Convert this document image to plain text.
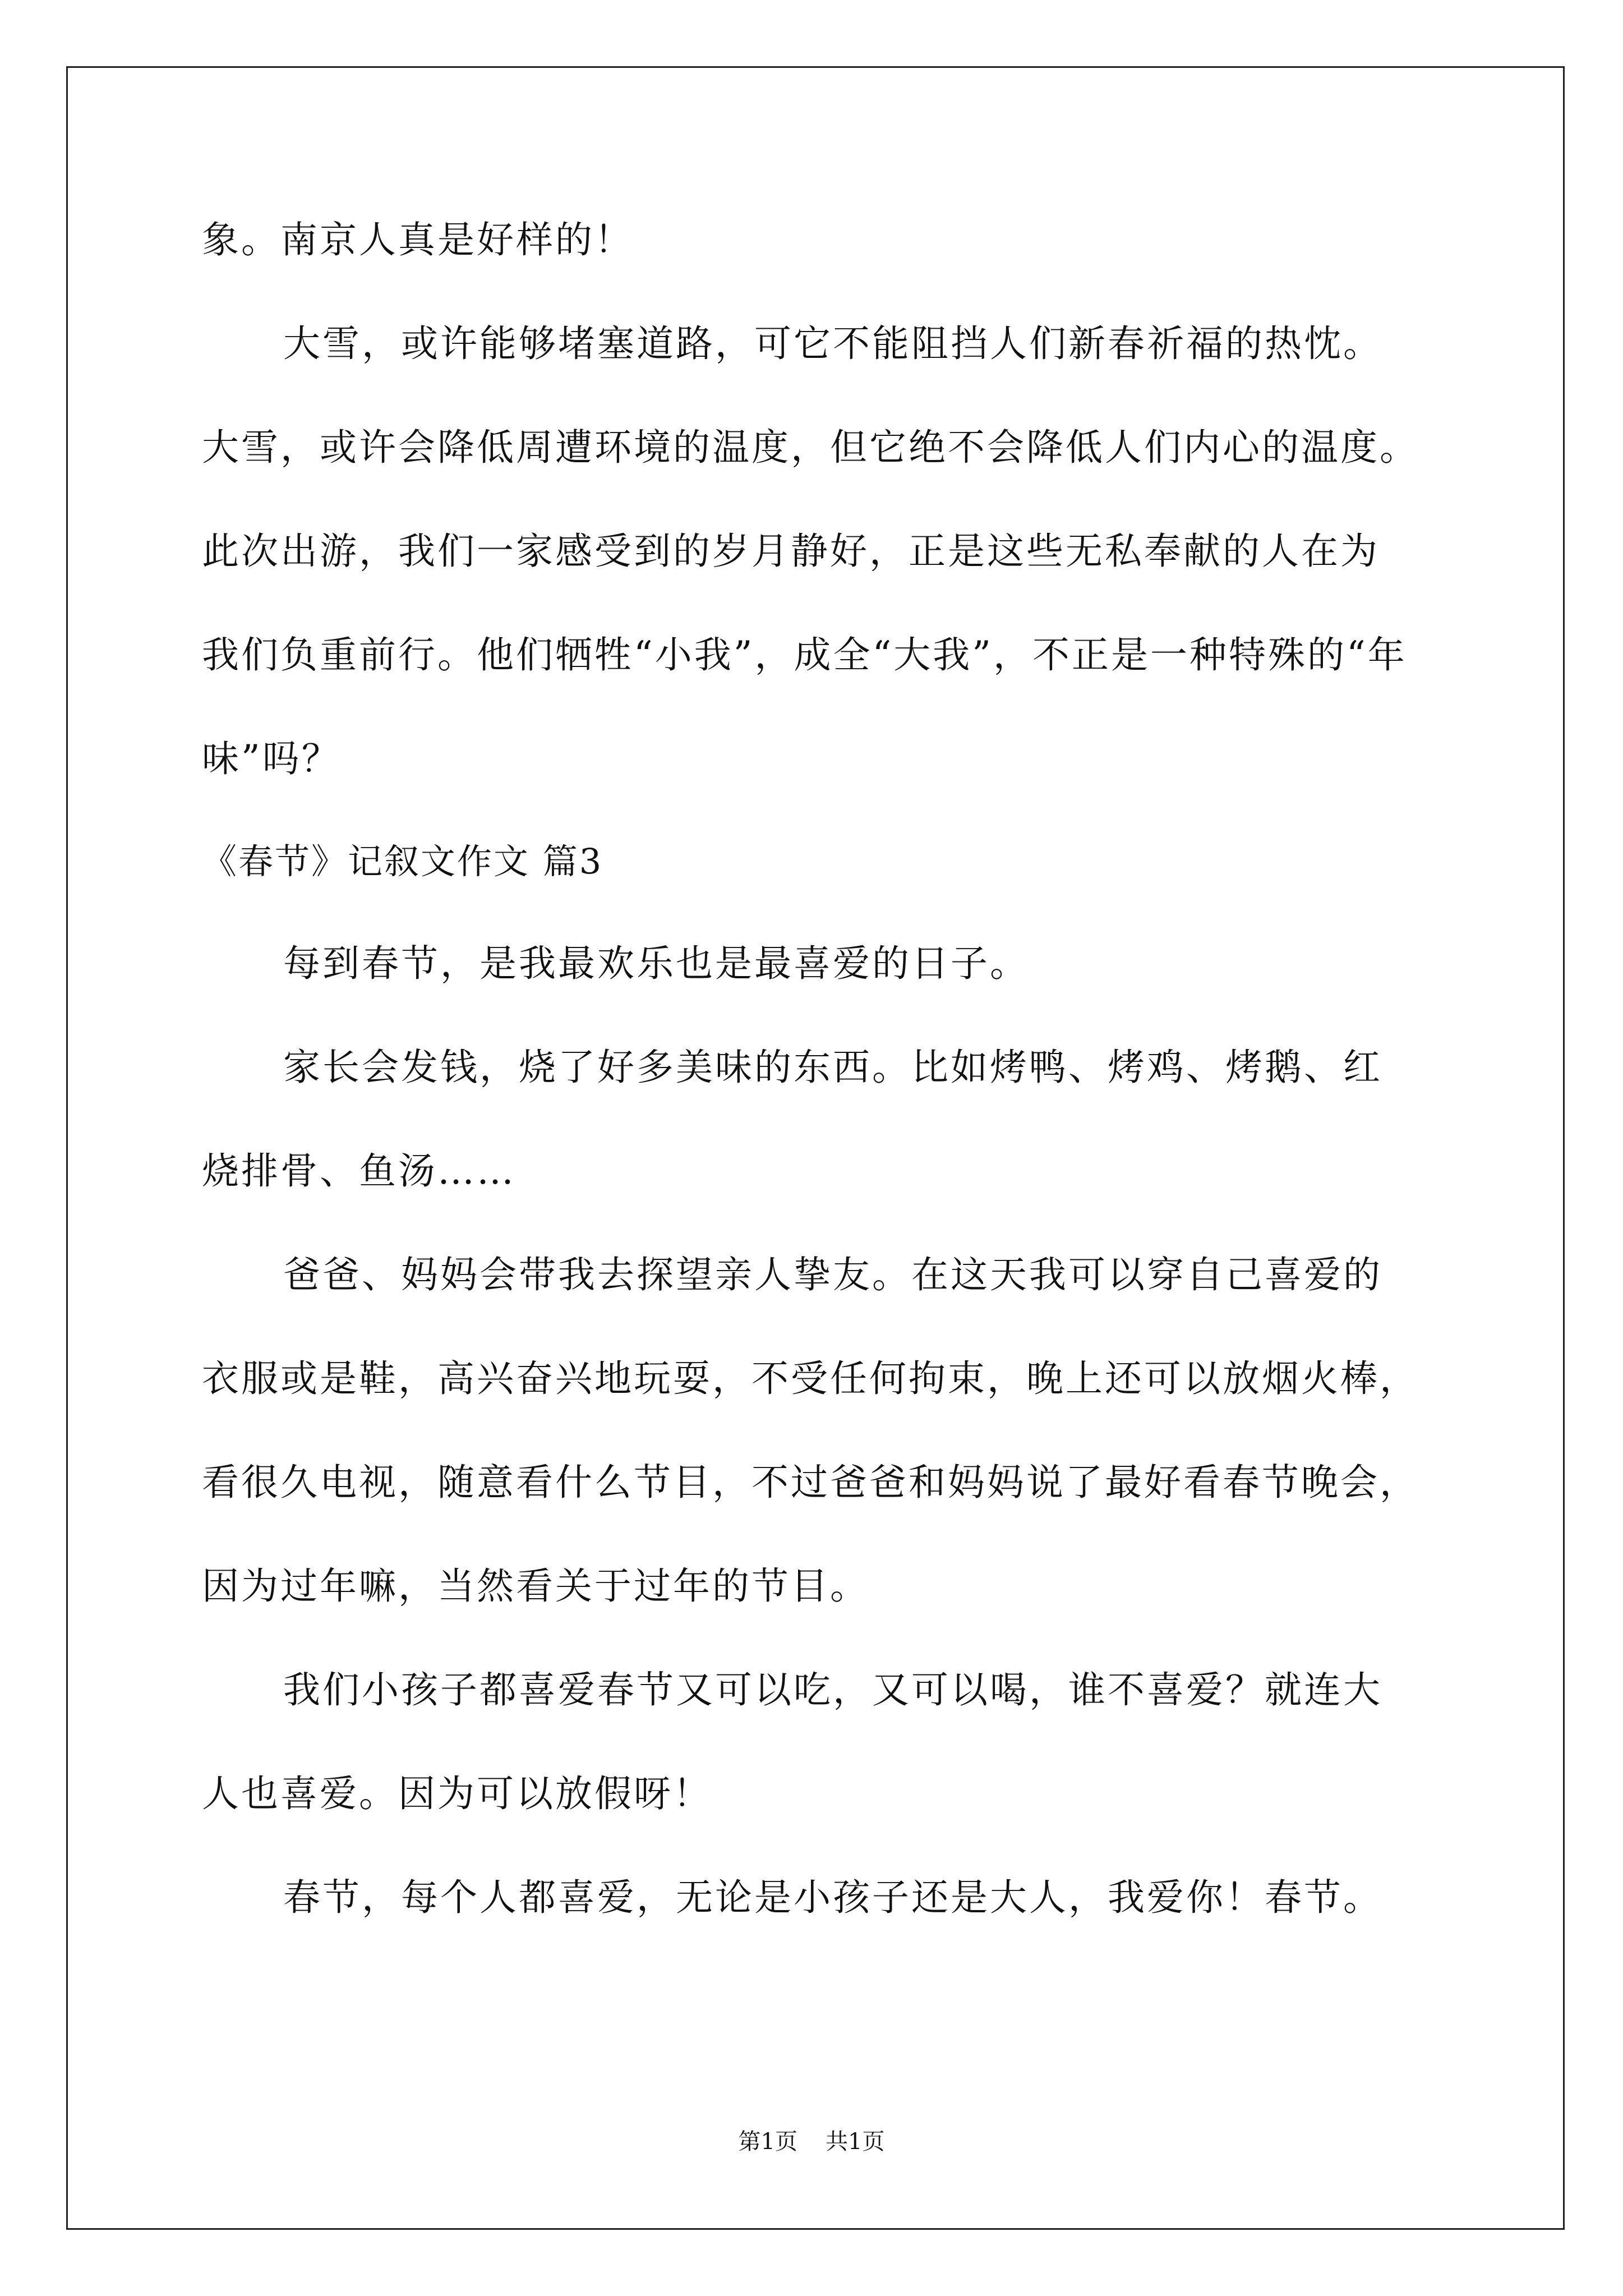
象。南京人真是好样的！
大雪，或许能够堵塞道路，可它不能阻挡人们新春祈福的热忱。
大雪，或许会降低周遭环境的温度，但它绝不会降低人们内心的温度。
此次出游，我们一家感受到的岁月静好，正是这些无私奉献的人在为
我们负重前行。他们牺牲“小我”，成全“大我”，不正是一种特殊的“年
味”吗？
《春节》记叙文作文 篇3
每到春节，是我最欢乐也是最喜爱的日子。
家长会发钱，烧了好多美味的东西。比如烤鸭、烤鸡、烤鹅、红
烧排骨、鱼汤……
爸爸、妈妈会带我去探望亲人挚友。在这天我可以穿自己喜爱的
衣服或是鞋，高兴奋兴地玩耍，不受任何拘束，晚上还可以放烟火棒，
看很久电视，随意看什么节目，不过爸爸和妈妈说了最好看春节晚会，
因为过年嘛，当然看关于过年的节目。
我们小孩子都喜爱春节又可以吃，又可以喝，谁不喜爱？就连大
人也喜爱。因为可以放假呀！
春节，每个人都喜爱，无论是小孩子还是大人，我爱你！春节。
第1页 共1页
